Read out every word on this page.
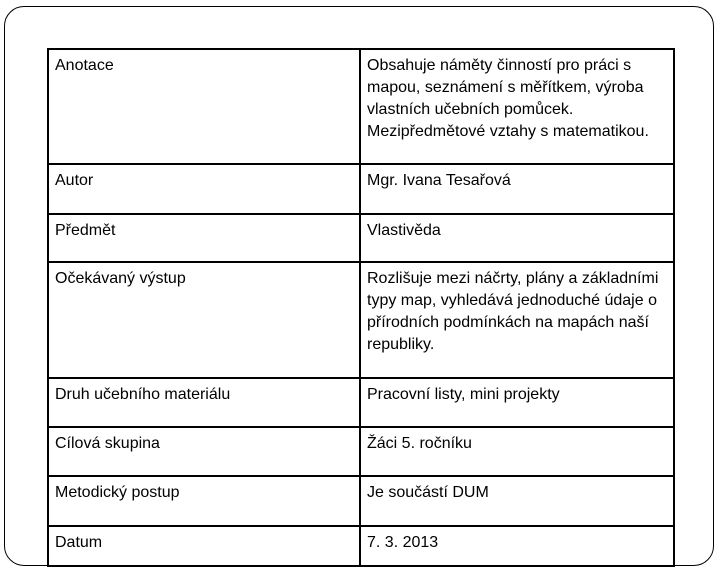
Anotace	Obsahuje náměty činností pro práci s mapou, seznámení s měřítkem, výroba vlastních učebních pomůcek. Mezipředmětové vztahy s matematikou.
Autor	Mgr. Ivana Tesařová
Předmět	Vlastivěda
Očekávaný výstup	Rozlišuje mezi náčrty, plány a základními typy map, vyhledává jednoduché údaje o přírodních podmínkách na mapách naší republiky.
Druh učebního materiálu	Pracovní listy, mini projekty
Cílová skupina	Žáci 5. ročníku
Metodický postup	Je součástí DUM
Datum	7. 3. 2013
